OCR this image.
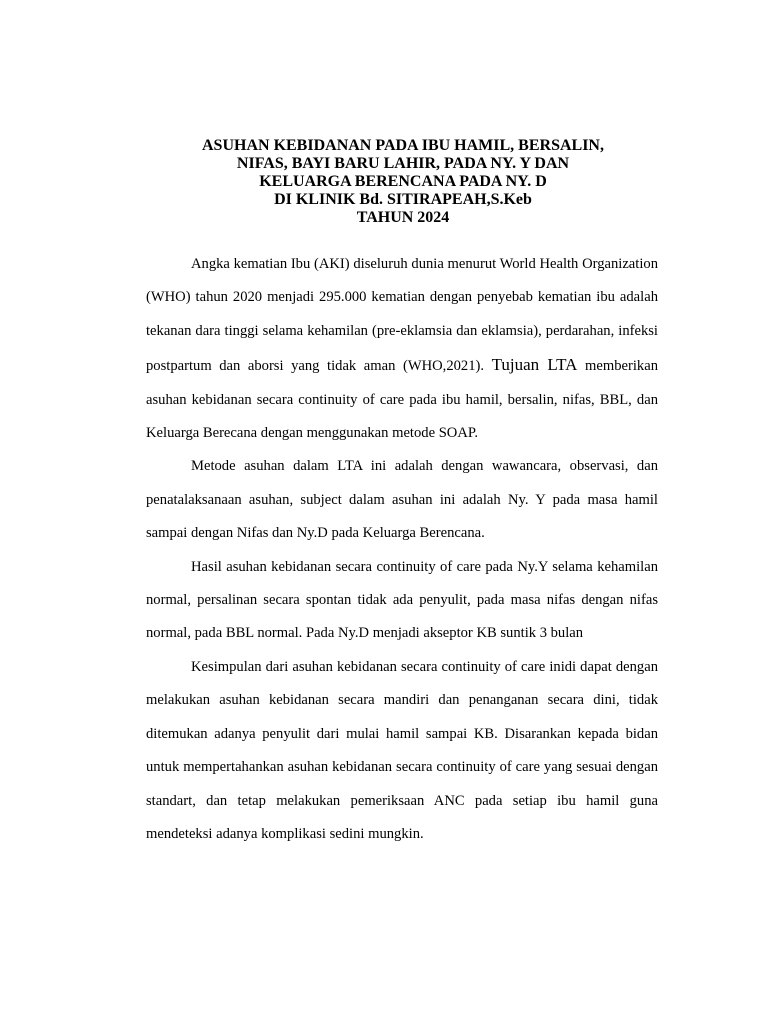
ASUHAN KEBIDANAN PADA IBU HAMIL, BERSALIN,
NIFAS, BAYI BARU LAHIR, PADA NY. Y DAN
KELUARGA BERENCANA PADA NY. D
DI KLINIK Bd. SITIRAPEAH,S.Keb
TAHUN 2024

Angka kematian Ibu (AKI) diseluruh dunia menurut World Health Organization (WHO) tahun 2020 menjadi 295.000 kematian dengan penyebab kematian ibu adalah tekanan dara tinggi selama kehamilan (pre-eklamsia dan eklamsia), perdarahan, infeksi postpartum dan aborsi yang tidak aman (WHO,2021). Tujuan LTA memberikan asuhan kebidanan secara continuity of care pada ibu hamil, bersalin, nifas, BBL, dan Keluarga Berecana dengan menggunakan metode SOAP.

Metode asuhan dalam LTA ini adalah dengan wawancara, observasi, dan penatalaksanaan asuhan, subject dalam asuhan ini adalah Ny. Y pada masa hamil sampai dengan Nifas dan Ny.D pada Keluarga Berencana.

Hasil asuhan kebidanan secara continuity of care pada Ny.Y selama kehamilan normal, persalinan secara spontan tidak ada penyulit, pada masa nifas dengan nifas normal, pada BBL normal. Pada Ny.D menjadi akseptor KB suntik 3 bulan

Kesimpulan dari asuhan kebidanan secara continuity of care inidi dapat dengan melakukan asuhan kebidanan secara mandiri dan penanganan secara dini, tidak ditemukan adanya penyulit dari mulai hamil sampai KB. Disarankan kepada bidan untuk mempertahankan asuhan kebidanan secara continuity of care yang sesuai dengan standart, dan tetap melakukan pemeriksaan ANC pada setiap ibu hamil guna mendeteksi adanya komplikasi sedini mungkin.
